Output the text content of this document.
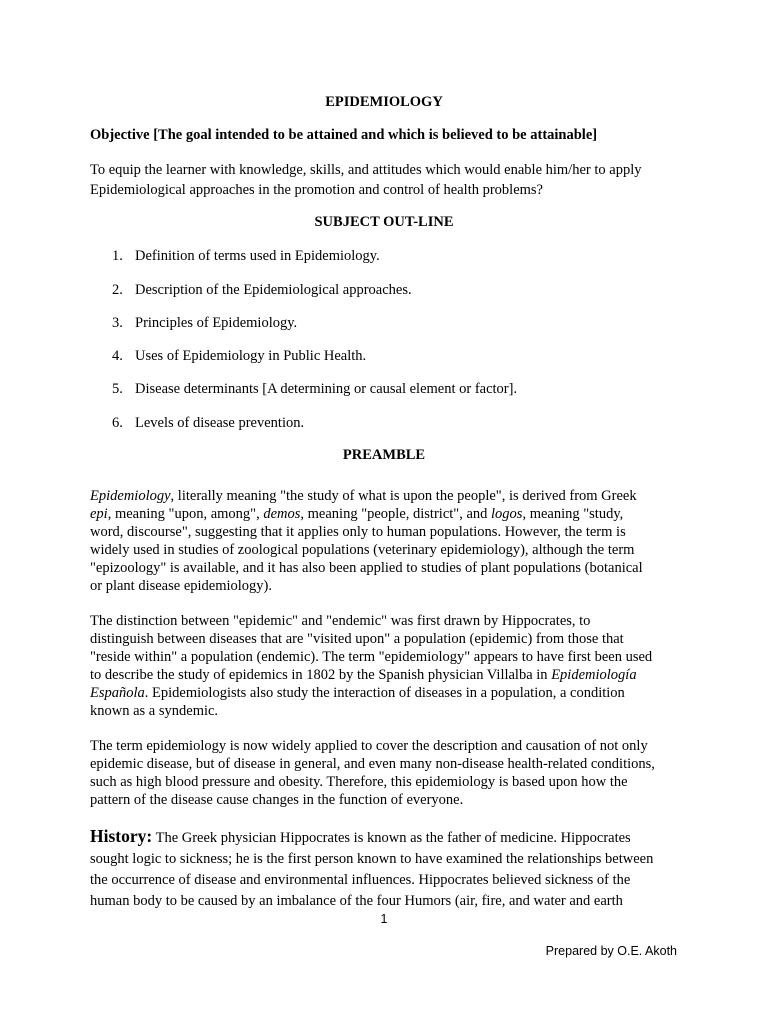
EPIDEMIOLOGY
Objective [The goal intended to be attained and which is believed to be attainable]
To equip the learner with knowledge, skills, and attitudes which would enable him/her to apply
Epidemiological approaches in the promotion and control of health problems?
SUBJECT OUT-LINE
1. Definition of terms used in Epidemiology.
2. Description of the Epidemiological approaches.
3. Principles of Epidemiology.
4. Uses of Epidemiology in Public Health.
5. Disease determinants [A determining or causal element or factor].
6. Levels of disease prevention.
PREAMBLE
Epidemiology, literally meaning "the study of what is upon the people", is derived from Greek
epi, meaning "upon, among", demos, meaning "people, district", and logos, meaning "study,
word, discourse", suggesting that it applies only to human populations. However, the term is
widely used in studies of zoological populations (veterinary epidemiology), although the term
"epizoology" is available, and it has also been applied to studies of plant populations (botanical
or plant disease epidemiology).
The distinction between "epidemic" and "endemic" was first drawn by Hippocrates, to
distinguish between diseases that are "visited upon" a population (epidemic) from those that
"reside within" a population (endemic). The term "epidemiology" appears to have first been used
to describe the study of epidemics in 1802 by the Spanish physician Villalba in Epidemiología
Española. Epidemiologists also study the interaction of diseases in a population, a condition
known as a syndemic.
The term epidemiology is now widely applied to cover the description and causation of not only
epidemic disease, but of disease in general, and even many non-disease health-related conditions,
such as high blood pressure and obesity. Therefore, this epidemiology is based upon how the
pattern of the disease cause changes in the function of everyone.
History: The Greek physician Hippocrates is known as the father of medicine. Hippocrates
sought logic to sickness; he is the first person known to have examined the relationships between
the occurrence of disease and environmental influences. Hippocrates believed sickness of the
human body to be caused by an imbalance of the four Humors (air, fire, and water and earth
1
Prepared by O.E. Akoth
